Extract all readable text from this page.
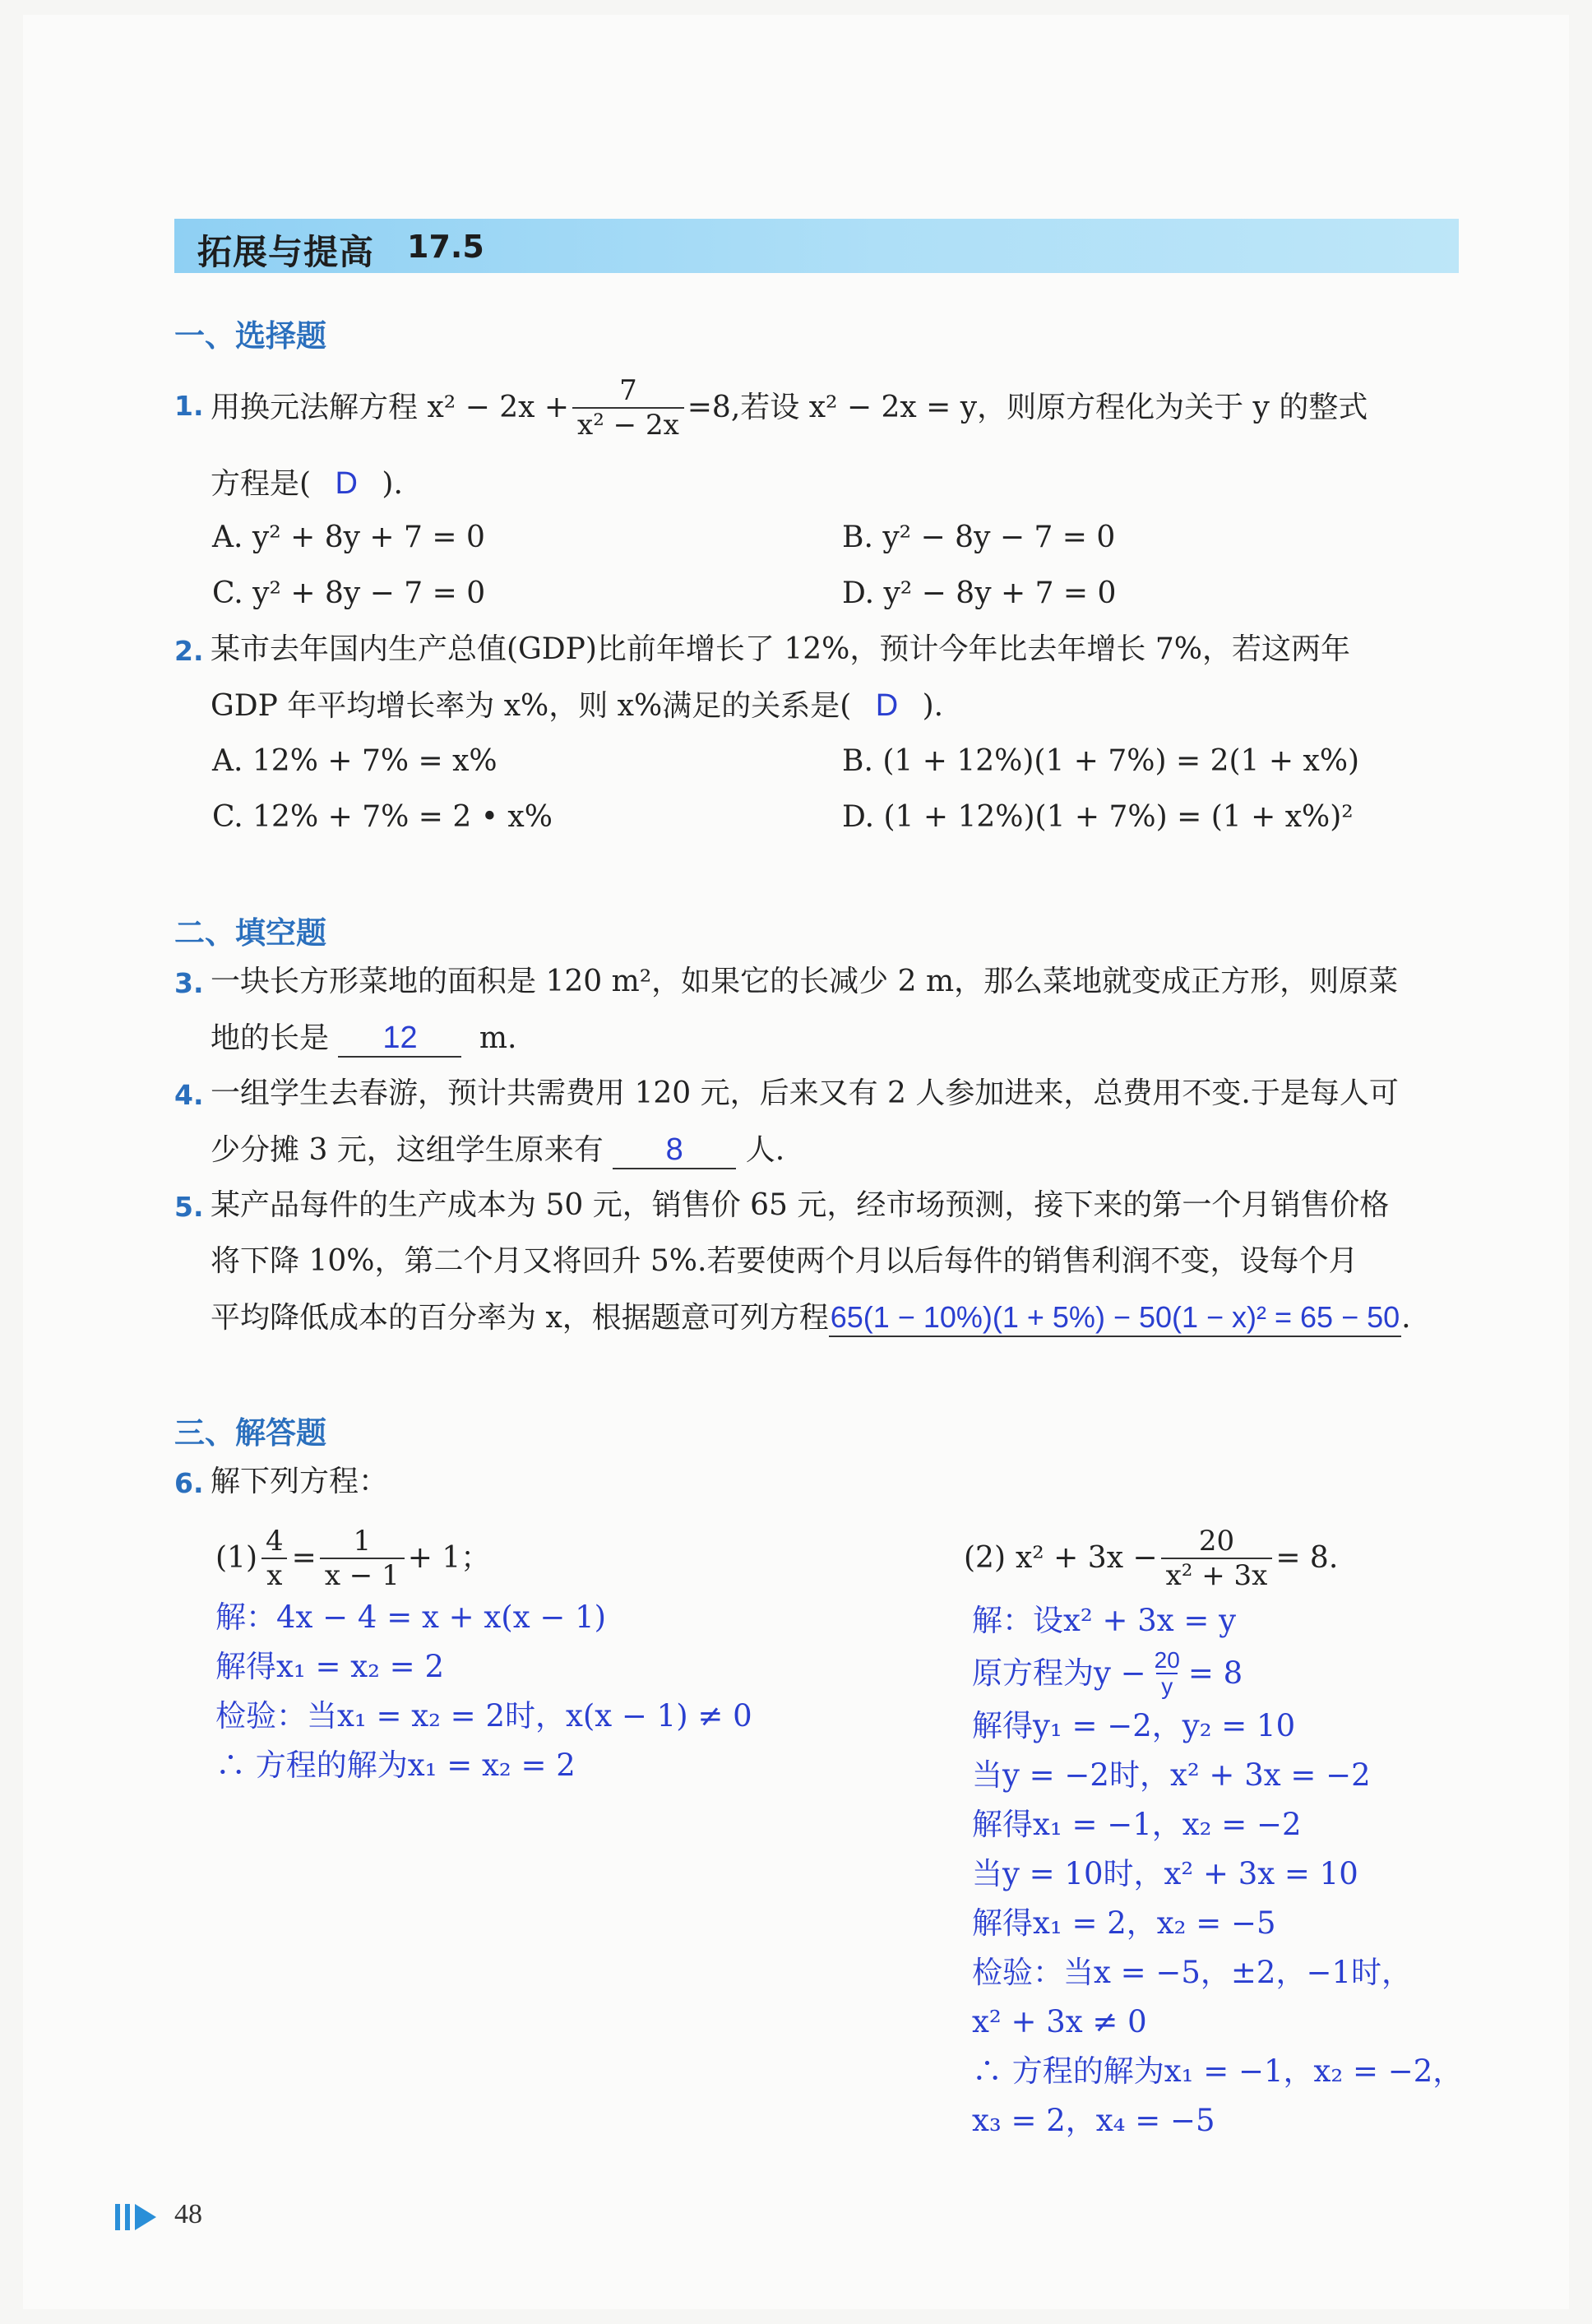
拓展与提高 17.5
一、选择题
1. 用换元法解方程 $x^2 - 2x + \frac{7}{\text{x² − 2x}} =8$,若设 x² − 2x = y，则原方程化为关于 y 的整式
方程是( D ).
A. y² + 8y + 7 = 0	B. y² − 8y − 7 = 0
C. y² + 8y − 7 = 0	D. y² − 8y + 7 = 0
2. 某市去年国内生产总值(GDP)比前年增长了 12%，预计今年比去年增长 7%，若这两年
GDP 年平均增长率为 x%，则 x%满足的关系是( D ).
A. 12% + 7% = x%	B. (1 + 12%)(1 + 7%) = 2(1 + x%)
C. 12% + 7% = 2 • x%	D. (1 + 12%)(1 + 7%) = (1 + x%)²
二、填空题
3. 一块长方形菜地的面积是 120 m²，如果它的长减少 2 m，那么菜地就变成正方形，则原菜
地的长是 12 m.
4. 一组学生去春游，预计共需费用 120 元，后来又有 2 人参加进来，总费用不变.于是每人可
少分摊 3 元，这组学生原来有 8 人.
5. 某产品每件的生产成本为 50 元，销售价 65 元，经市场预测，接下来的第一个月销售价格
将下降 10%，第二个月又将回升 5%.若要使两个月以后每件的销售利润不变，设每个月
平均降低成本的百分率为 x，根据题意可列方程65(1 − 10%)(1 + 5%) − 50(1 − x)² = 65 − 50.
三、解答题
6. 解下列方程：
$(1) \frac{4}{x} = \frac{1}{x - 1} + 1$；
解：4x − 4 = x + x(x − 1)
解得x₁ = x₂ = 2
检验：当x₁ = x₂ = 2时，x(x − 1) ≠ 0
∴ 方程的解为x₁ = x₂ = 2
(2) $x^2 + 3x - \frac{20}{\text{x² + 3x}} = 8$.
解：设x² + 3x = y
原方程为$y - \frac{20}{y} = 8$
解得y₁ = −2，y₂ = 10
当y = −2时，x² + 3x = −2
解得x₁ = −1，x₂ = −2
当y = 10时，x² + 3x = 10
解得x₁ = 2，x₂ = −5
检验：当x = −5，±2，−1时，
x² + 3x ≠ 0
∴ 方程的解为x₁ = −1，x₂ = −2，
x₃ = 2，x₄ = −5
48
